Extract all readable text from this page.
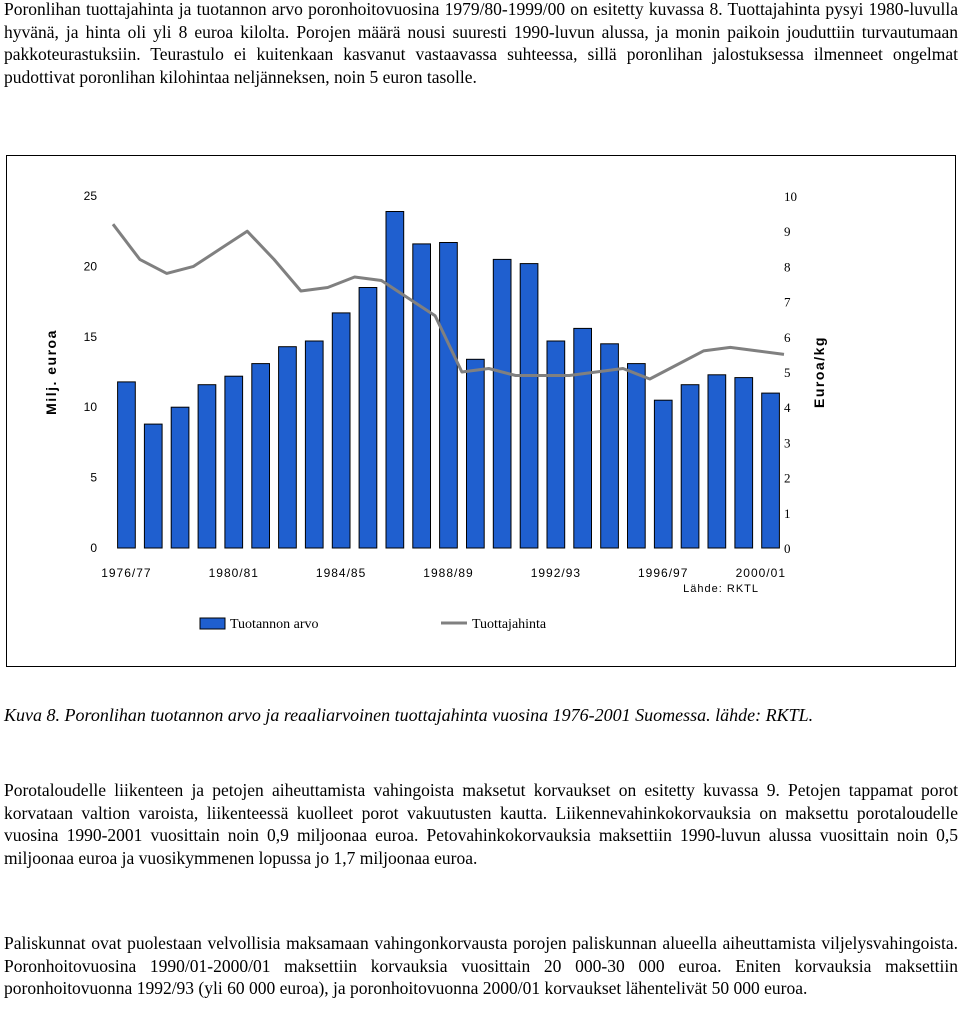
Poronlihan tuottajahinta ja tuotannon arvo poronhoitovuosina 1979/80-1999/00 on esitetty kuvassa 8. Tuottajahinta pysyi 1980-luvulla hyvänä, ja hinta oli yli 8 euroa kilolta. Porojen määrä nousi suuresti 1990-luvun alussa, ja monin paikoin jouduttiin turvautumaan pakkoteurastuksiin. Teurastulo ei kuitenkaan kasvanut vastaavassa suhteessa, sillä poronlihan jalostuksessa ilmenneet ongelmat pudottivat poronlihan kilohintaa neljänneksen, noin 5 euron tasolle.

0
5
10
15
20
25
0
1
2
3
4
5
6
7
8
9
10
1976/77	1980/81	1984/85	1988/89	1992/93	1996/97	2000/01
Milj. euroa	Euroa/kg
Lähde: RKTL
Tuotannon arvo	Tuottajahinta

Kuva 8. Poronlihan tuotannon arvo ja reaaliarvoinen tuottajahinta vuosina 1976-2001 Suomessa. lähde: RKTL.

Porotaloudelle liikenteen ja petojen aiheuttamista vahingoista maksetut korvaukset on esitetty kuvassa 9. Petojen tappamat porot korvataan valtion varoista, liikenteessä kuolleet porot vakuutusten kautta. Liikennevahinkokorvauksia on maksettu porotaloudelle vuosina 1990-2001 vuosittain noin 0,9 miljoonaa euroa. Petovahinkokorvauksia maksettiin 1990-luvun alussa vuosittain noin 0,5 miljoonaa euroa ja vuosikymmenen lopussa jo 1,7 miljoonaa euroa.

Paliskunnat ovat puolestaan velvollisia maksamaan vahingonkorvausta porojen paliskunnan alueella aiheuttamista viljelysvahingoista. Poronhoitovuosina 1990/01-2000/01 maksettiin korvauksia vuosittain 20 000-30 000 euroa. Eniten korvauksia maksettiin poronhoitovuonna 1992/93 (yli 60 000 euroa), ja poronhoitovuonna 2000/01 korvaukset lähentelivät 50 000 euroa.
